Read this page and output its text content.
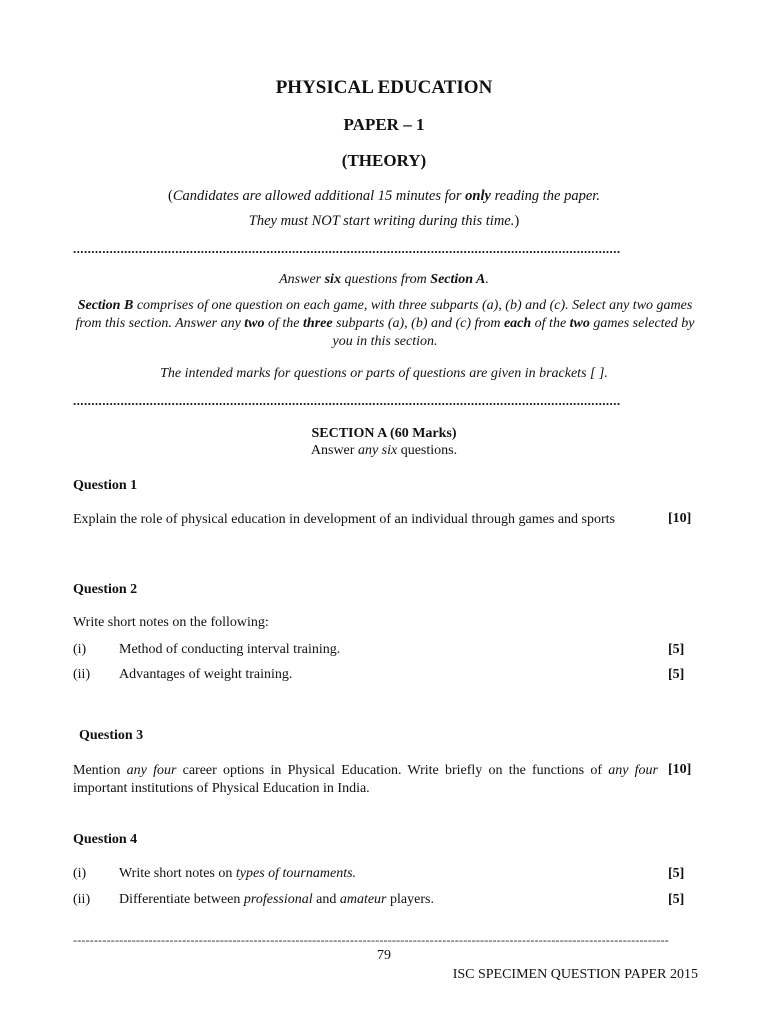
PHYSICAL EDUCATION
PAPER – 1
(THEORY)
(Candidates are allowed additional 15 minutes for only reading the paper.
They must NOT start writing during this time.)
......................................................................................................................................................
Answer six questions from Section A.
Section B comprises of one question on each game, with three subparts (a), (b) and (c). Select any two games from this section. Answer any two of the three subparts (a), (b) and (c) from each of the two games selected by you in this section.
The intended marks for questions or parts of questions are given in brackets [ ].
......................................................................................................................................................
SECTION A (60 Marks)
Answer any six questions.
Question 1
Explain the role of physical education in development of an individual through games and sports	[10]
Question 2
Write short notes on the following:
(i) Method of conducting interval training.	[5]
(ii) Advantages of weight training.	[5]
Question 3
Mention any four career options in Physical Education. Write briefly on the functions of any four important institutions of Physical Education in India.
[10]
Question 4
(i) Write short notes on types of tournaments.	[5]
(ii) Differentiate between professional and amateur players.	[5]
----------------------------------------------------------------------------------------------------------------------------------------------
79
ISC SPECIMEN QUESTION PAPER 2015
